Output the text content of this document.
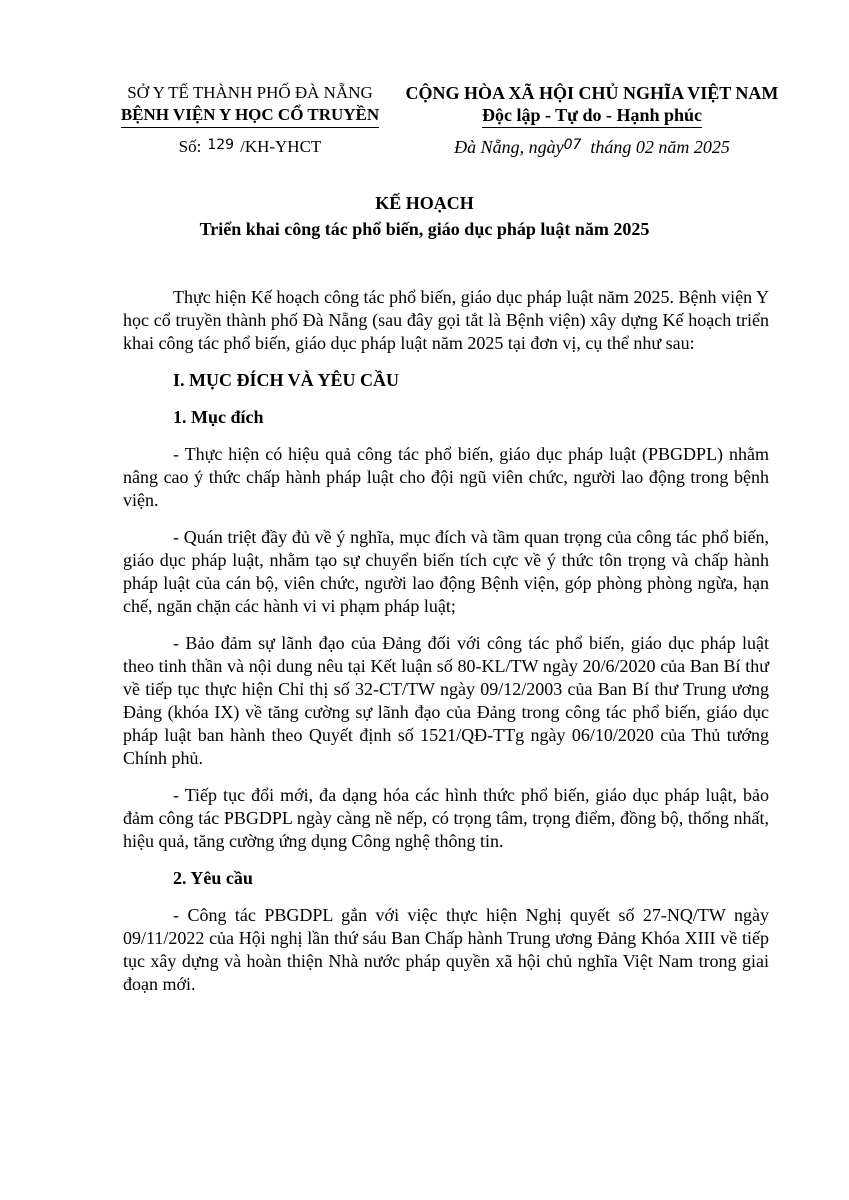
SỞ Y TẾ THÀNH PHỐ ĐÀ NẴNG
BỆNH VIỆN Y HỌC CỔ TRUYỀN
Số: 129 /KH-YHCT
CỘNG HÒA XÃ HỘI CHỦ NGHĨA VIỆT NAM
Độc lập - Tự do - Hạnh phúc
Đà Nẵng, ngày$^{07}$ tháng 02 năm 2025
KẾ HOẠCH
Triển khai công tác phổ biến, giáo dục pháp luật năm 2025

Thực hiện Kế hoạch công tác phổ biến, giáo dục pháp luật năm 2025. Bệnh viện Y học cổ truyền thành phố Đà Nẵng (sau đây gọi tắt là Bệnh viện) xây dựng Kế hoạch triển khai công tác phổ biến, giáo dục pháp luật năm 2025 tại đơn vị, cụ thể như sau:

I. MỤC ĐÍCH VÀ YÊU CẦU
1. Mục đích

- Thực hiện có hiệu quả công tác phổ biến, giáo dục pháp luật (PBGDPL) nhằm nâng cao ý thức chấp hành pháp luật cho đội ngũ viên chức, người lao động trong bệnh viện.

- Quán triệt đầy đủ về ý nghĩa, mục đích và tầm quan trọng của công tác phổ biến, giáo dục pháp luật, nhằm tạo sự chuyển biến tích cực về ý thức tôn trọng và chấp hành pháp luật của cán bộ, viên chức, người lao động Bệnh viện, góp phòng phòng ngừa, hạn chế, ngăn chặn các hành vi vi phạm pháp luật;

- Bảo đảm sự lãnh đạo của Đảng đối với công tác phổ biến, giáo dục pháp luật theo tinh thần và nội dung nêu tại Kết luận số 80-KL/TW ngày 20/6/2020 của Ban Bí thư về tiếp tục thực hiện Chỉ thị số 32-CT/TW ngày 09/12/2003 của Ban Bí thư Trung ương Đảng (khóa IX) về tăng cường sự lãnh đạo của Đảng trong công tác phổ biến, giáo dục pháp luật ban hành theo Quyết định số 1521/QĐ-TTg ngày 06/10/2020 của Thủ tướng Chính phủ.

- Tiếp tục đổi mới, đa dạng hóa các hình thức phổ biến, giáo dục pháp luật, bảo đảm công tác PBGDPL ngày càng nề nếp, có trọng tâm, trọng điểm, đồng bộ, thống nhất, hiệu quả, tăng cường ứng dụng Công nghệ thông tin.

2. Yêu cầu

- Công tác PBGDPL gắn với việc thực hiện Nghị quyết số 27-NQ/TW ngày 09/11/2022 của Hội nghị lần thứ sáu Ban Chấp hành Trung ương Đảng Khóa XIII về tiếp tục xây dựng và hoàn thiện Nhà nước pháp quyền xã hội chủ nghĩa Việt Nam trong giai đoạn mới.
